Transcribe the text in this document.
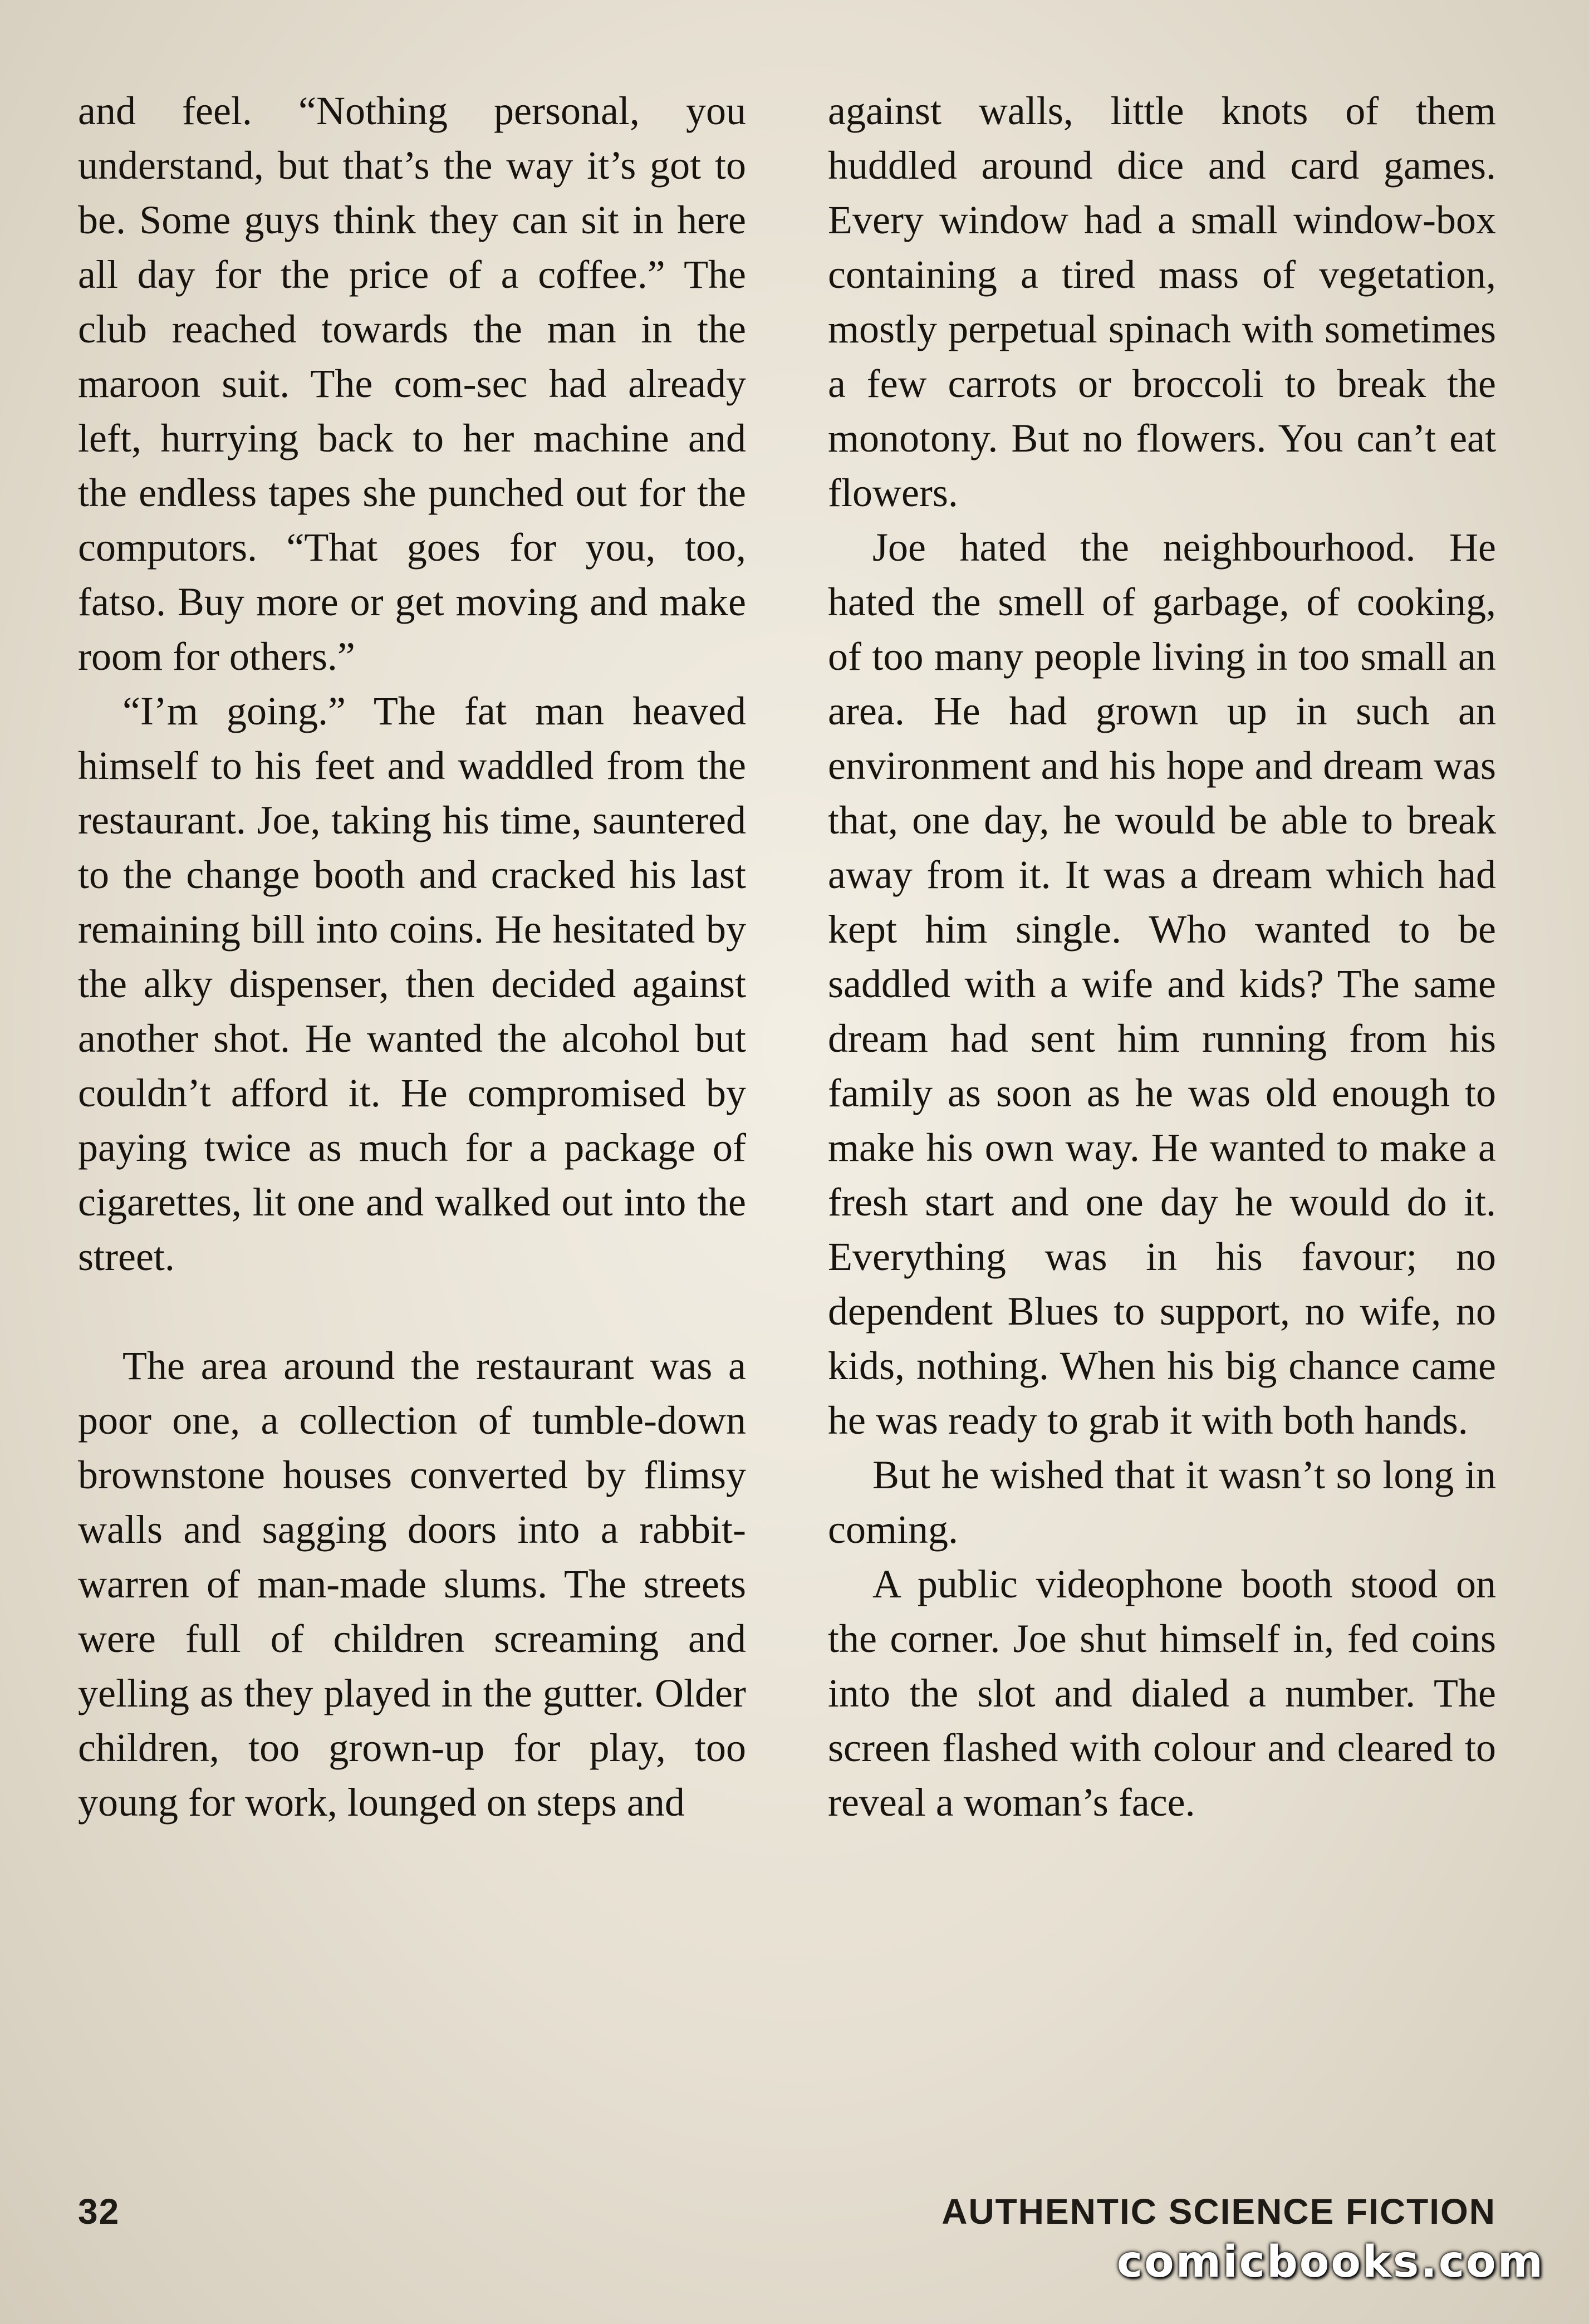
and feel. “Nothing personal, you understand, but that’s the way it’s got to be. Some guys think they can sit in here all day for the price of a coffee.” The club reached towards the man in the maroon suit. The com-sec had already left, hurrying back to her machine and the endless tapes she punched out for the computors. “That goes for you, too, fatso. Buy more or get moving and make room for others.”

“I’m going.” The fat man heaved himself to his feet and waddled from the restaurant. Joe, taking his time, sauntered to the change booth and cracked his last remaining bill into coins. He hesitated by the alky dispenser, then decided against another shot. He wanted the alcohol but couldn’t afford it. He compromised by paying twice as much for a package of cigarettes, lit one and walked out into the street.

The area around the restaurant was a poor one, a collection of tumble-down brownstone houses converted by flimsy walls and sagging doors into a rabbit-warren of man-made slums. The streets were full of children screaming and yelling as they played in the gutter. Older children, too grown-up for play, too young for work, lounged on steps and

against walls, little knots of them huddled around dice and card games. Every window had a small window-box containing a tired mass of vegetation, mostly perpetual spinach with sometimes a few carrots or broccoli to break the monotony. But no flowers. You can’t eat flowers.

Joe hated the neighbourhood. He hated the smell of garbage, of cooking, of too many people living in too small an area. He had grown up in such an environment and his hope and dream was that, one day, he would be able to break away from it. It was a dream which had kept him single. Who wanted to be saddled with a wife and kids? The same dream had sent him running from his family as soon as he was old enough to make his own way. He wanted to make a fresh start and one day he would do it. Everything was in his favour; no dependent Blues to support, no wife, no kids, nothing. When his big chance came he was ready to grab it with both hands.

But he wished that it wasn’t so long in coming.

A public videophone booth stood on the corner. Joe shut himself in, fed coins into the slot and dialed a number. The screen flashed with colour and cleared to reveal a woman’s face.

32	AUTHENTIC SCIENCE FICTION
comicbooks.com
